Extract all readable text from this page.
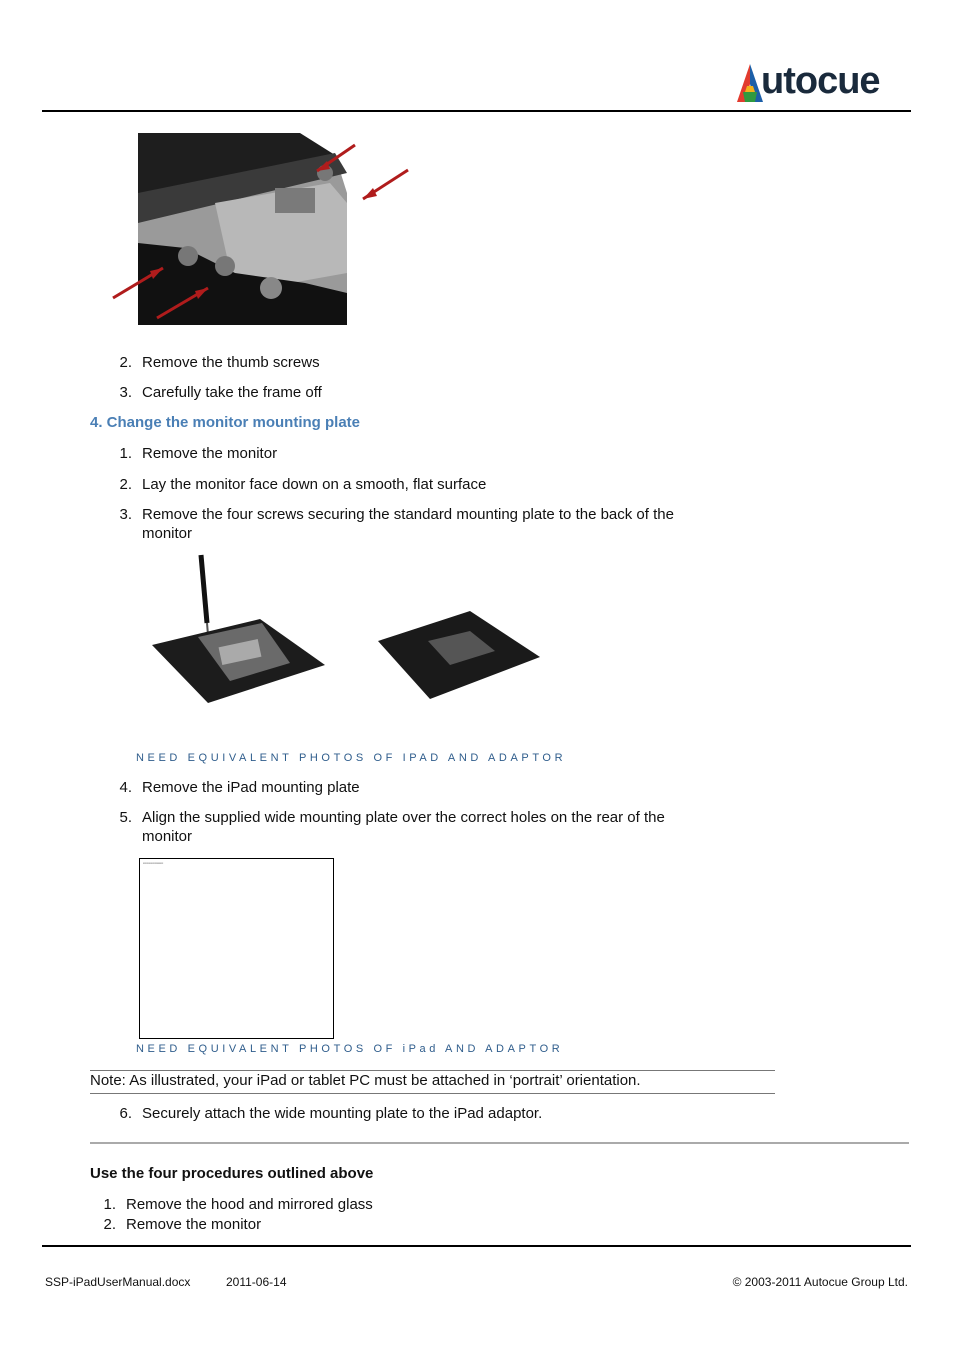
utocue
2. Remove the thumb screws
3. Carefully take the frame off
4. Change the monitor mounting plate
1. Remove the monitor
2. Lay the monitor face down on a smooth, flat surface
3. Remove the four screws securing the standard mounting plate to the back of the
monitor
NEED EQUIVALENT PHOTOS OF IPAD AND ADAPTOR
4. Remove the iPad mounting plate
5. Align the supplied wide mounting plate over the correct holes on the rear of the
monitor
▪▪▪▪▪▪▪▪▪▪▪▪▪▪▪▪▪▪▪
NEED EQUIVALENT PHOTOS OF iPad AND ADAPTOR
Note: As illustrated, your iPad or tablet PC must be attached in ‘portrait’ orientation.
6. Securely attach the wide mounting plate to the iPad adaptor.
Use the four procedures outlined above
1. Remove the hood and mirrored glass
2. Remove the monitor
SSP-iPadUserManual.docx	2011-06-14	© 2003-2011 Autocue Group Ltd.
